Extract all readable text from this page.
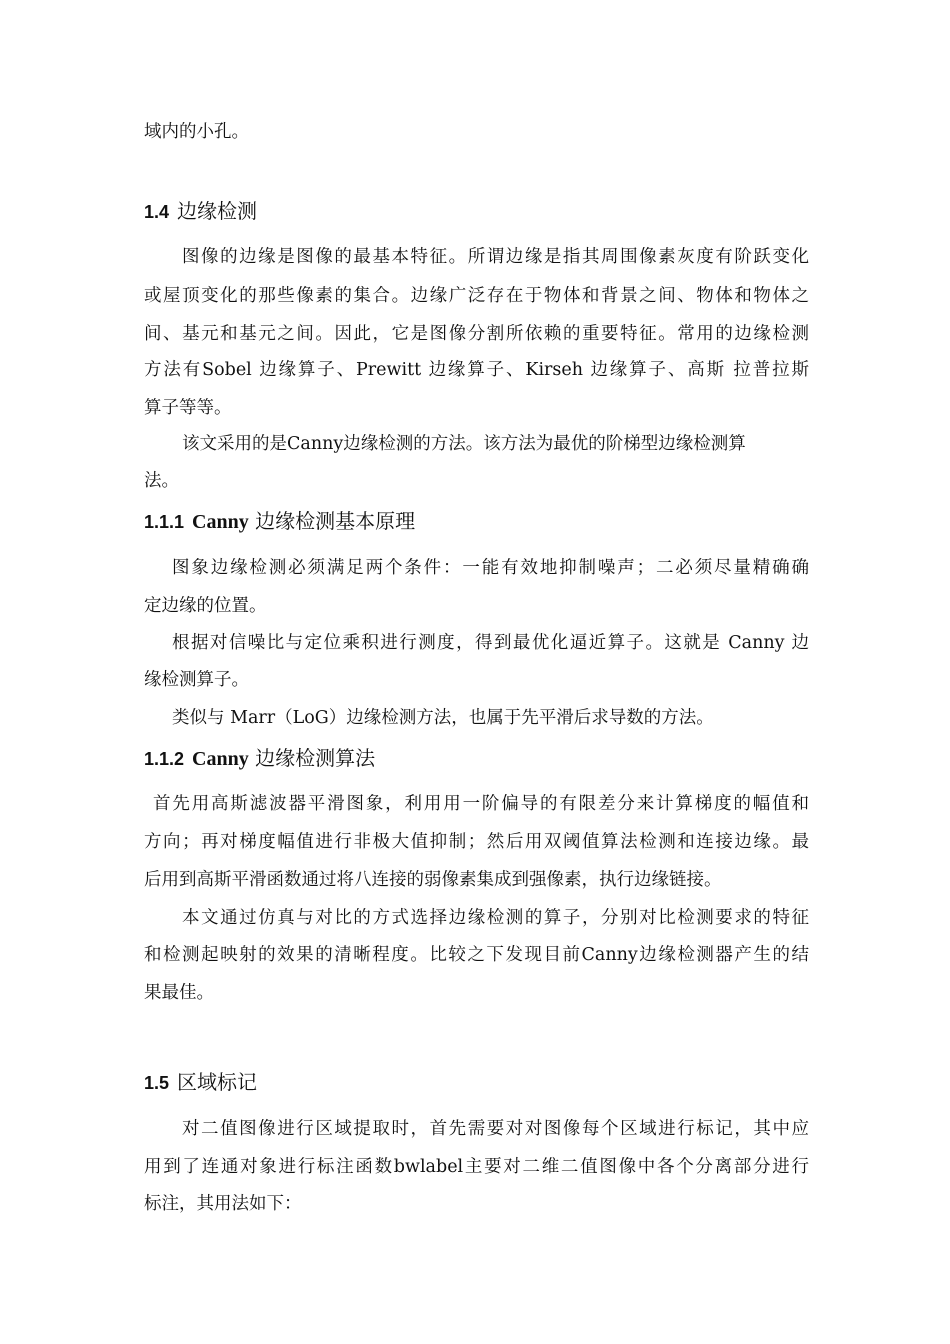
域内的小孔。
1.4 边缘检测
图像的边缘是图像的最基本特征。所谓边缘是指其周围像素灰度有阶跃变化
或屋顶变化的那些像素的集合。边缘广泛存在于物体和背景之间、物体和物体之
间、基元和基元之间。因此，它是图像分割所依赖的重要特征。常用的边缘检测
方法有Sobel 边缘算子、Prewitt 边缘算子、Kirseh 边缘算子、高斯 拉普拉斯
算子等等。
该文采用的是Canny边缘检测的方法。该方法为最优的阶梯型边缘检测算
法。
1.1.1 Canny 边缘检测基本原理
图象边缘检测必须满足两个条件：一能有效地抑制噪声；二必须尽量精确确
定边缘的位置。
根据对信噪比与定位乘积进行测度，得到最优化逼近算子。这就是 Canny 边
缘检测算子。
类似与 Marr（LoG）边缘检测方法，也属于先平滑后求导数的方法。
1.1.2 Canny 边缘检测算法
首先用高斯滤波器平滑图象，利用用一阶偏导的有限差分来计算梯度的幅值和
方向；再对梯度幅值进行非极大值抑制；然后用双阈值算法检测和连接边缘。最
后用到高斯平滑函数通过将八连接的弱像素集成到强像素，执行边缘链接。
本文通过仿真与对比的方式选择边缘检测的算子，分别对比检测要求的特征
和检测起映射的效果的清晰程度。比较之下发现目前Canny边缘检测器产生的结
果最佳。
1.5 区域标记
对二值图像进行区域提取时，首先需要对对图像每个区域进行标记，其中应
用到了连通对象进行标注函数bwlabel主要对二维二值图像中各个分离部分进行
标注，其用法如下：
